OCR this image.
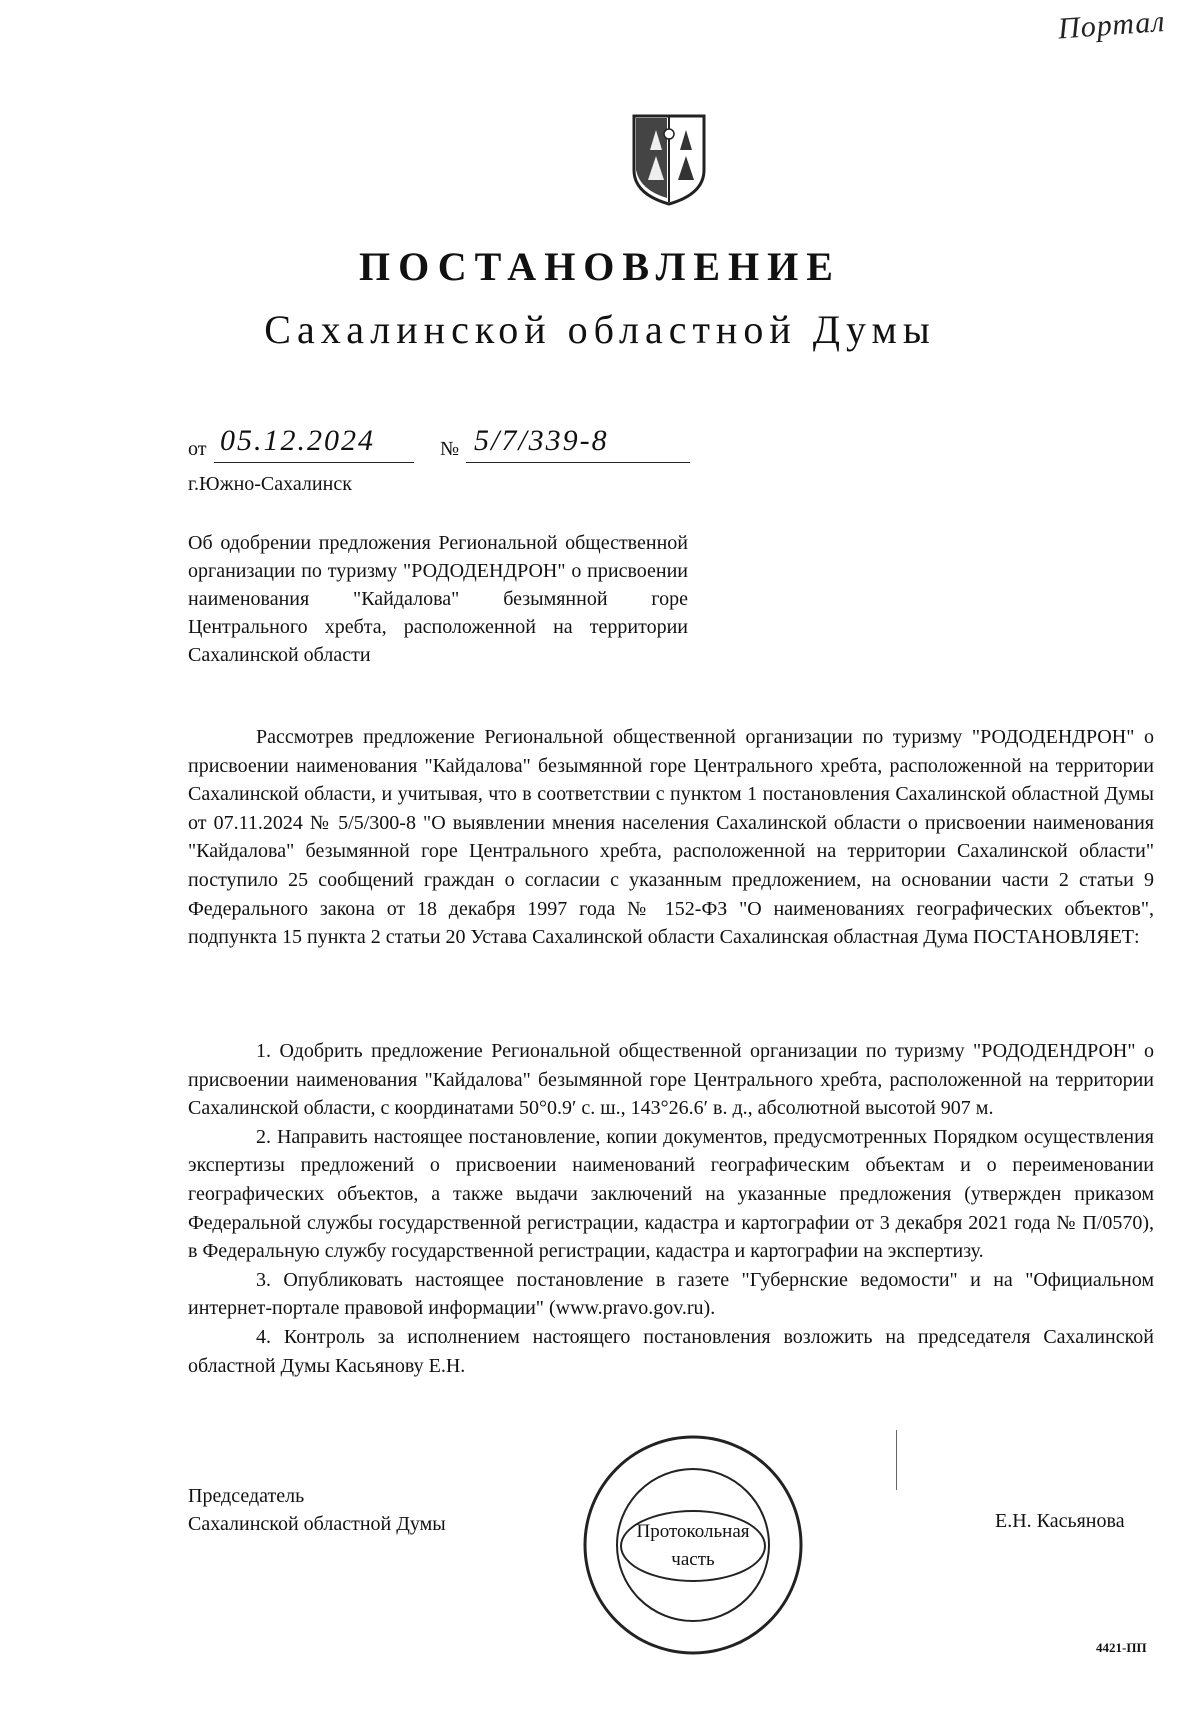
Портал
ПОСТАНОВЛЕНИЕ
Сахалинской областной Думы
от 05.12.2024	№ 5/7/339-8
г.Южно-Сахалинск
Об одобрении предложения Региональной общественной организации по туризму "РОДОДЕНДРОН" о присвоении наименования "Кайдалова" безымянной горе Центрального хребта, расположенной на территории Сахалинской области

Рассмотрев предложение Региональной общественной организации по туризму "РОДОДЕНДРОН" о присвоении наименования "Кайдалова" безымянной горе Центрального хребта, расположенной на территории Сахалинской области, и учитывая, что в соответствии с пунктом 1 постановления Сахалинской областной Думы от 07.11.2024 № 5/5/300-8 "О выявлении мнения населения Сахалинской области о присвоении наименования "Кайдалова" безымянной горе Центрального хребта, расположенной на территории Сахалинской области" поступило 25 сообщений граждан о согласии с указанным предложением, на основании части 2 статьи 9 Федерального закона от 18 декабря 1997 года № 152-ФЗ "О наименованиях географических объектов", подпункта 15 пункта 2 статьи 20 Устава Сахалинской области Сахалинская областная Дума ПОСТАНОВЛЯЕТ:

1. Одобрить предложение Региональной общественной организации по туризму "РОДОДЕНДРОН" о присвоении наименования "Кайдалова" безымянной горе Центрального хребта, расположенной на территории Сахалинской области, с координатами 50°0.9′ с. ш., 143°26.6′ в. д., абсолютной высотой 907 м.

2. Направить настоящее постановление, копии документов, предусмотренных Порядком осуществления экспертизы предложений о присвоении наименований географическим объектам и о переименовании географических объектов, а также выдачи заключений на указанные предложения (утвержден приказом Федеральной службы государственной регистрации, кадастра и картографии от 3 декабря 2021 года № П/0570), в Федеральную службу государственной регистрации, кадастра и картографии на экспертизу.

3. Опубликовать настоящее постановление в газете "Губернские ведомости" и на "Официальном интернет-портале правовой информации" (www.pravo.gov.ru).

4. Контроль за исполнением настоящего постановления возложить на председателя Сахалинской областной Думы Касьянову Е.Н.

Председатель
Сахалинской областной Думы	Протокольная
часть
Е.Н. Касьянова
4421-ПП
